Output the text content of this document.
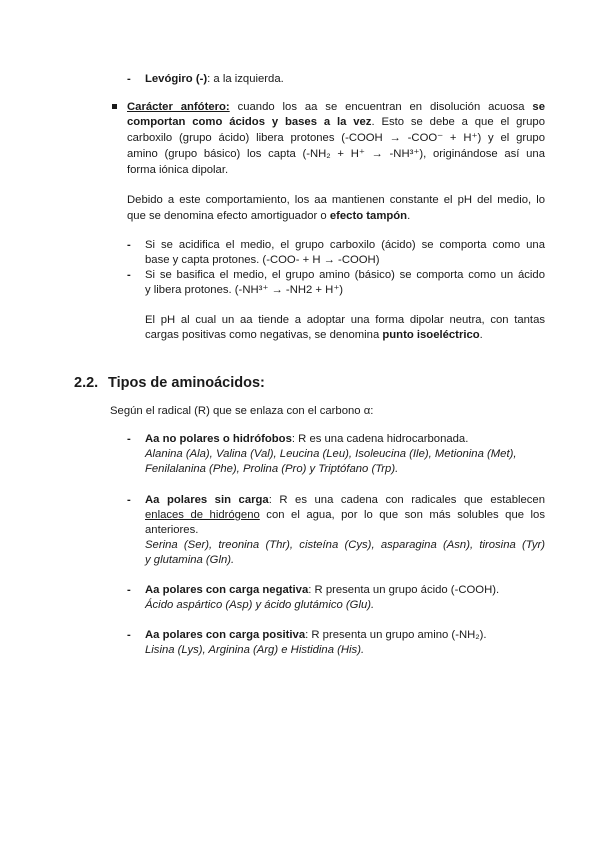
- Levógiro (-): a la izquierda.
Carácter anfótero: cuando los aa se encuentran en disolución acuosa se
comportan como ácidos y bases a la vez. Esto se debe a que el grupo
carboxilo (grupo ácido) libera protones (-COOH → -COO⁻ + H⁺) y el grupo
amino (grupo básico) los capta (-NH₂ + H⁺ → -NH³⁺), originándose así una
forma iónica dipolar.
Debido a este comportamiento, los aa mantienen constante el pH del medio, lo
que se denomina efecto amortiguador o efecto tampón.
- Si se acidifica el medio, el grupo carboxilo (ácido) se comporta como una
base y capta protones. (-COO- + H → -COOH)
- Si se basifica el medio, el grupo amino (básico) se comporta como un ácido
y libera protones. (-NH³⁺ → -NH2 + H⁺)
El pH al cual un aa tiende a adoptar una forma dipolar neutra, con tantas
cargas positivas como negativas, se denomina punto isoeléctrico.
2.2. Tipos de aminoácidos:
Según el radical (R) que se enlaza con el carbono α:
- Aa no polares o hidrófobos: R es una cadena hidrocarbonada.
Alanina (Ala), Valina (Val), Leucina (Leu), Isoleucina (Ile), Metionina (Met),
Fenilalanina (Phe), Prolina (Pro) y Triptófano (Trp).
- Aa polares sin carga: R es una cadena con radicales que establecen
enlaces de hidrógeno con el agua, por lo que son más solubles que los
anteriores.
Serina (Ser), treonina (Thr), cisteína (Cys), asparagina (Asn), tirosina (Tyr)
y glutamina (Gln).
- Aa polares con carga negativa: R presenta un grupo ácido (-COOH).
Ácido aspártico (Asp) y ácido glutámico (Glu).
- Aa polares con carga positiva: R presenta un grupo amino (-NH₂).
Lisina (Lys), Arginina (Arg) e Histidina (His).
